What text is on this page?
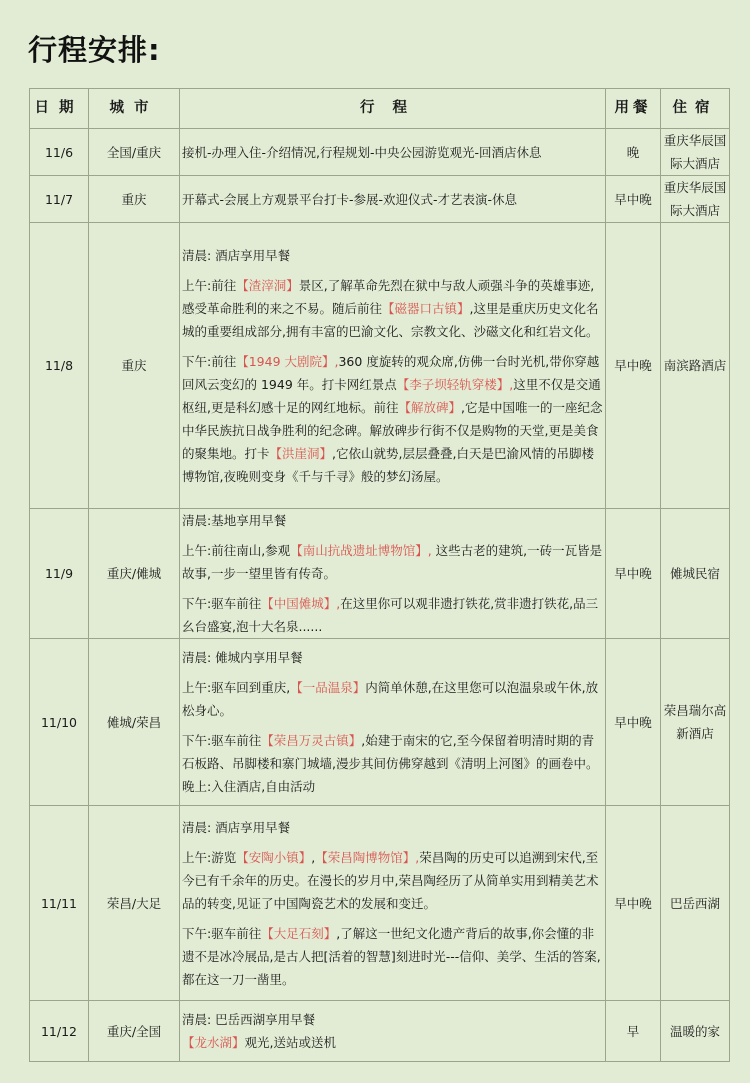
行程安排:
日期	城市	行程	用餐	住宿
11/6	全国/重庆	接机-办理入住-介绍情况,行程规划-中央公园游览观光-回酒店休息	晚	重庆华辰国际大酒店
11/7	重庆	开幕式-会展上方观景平台打卡-参展-欢迎仪式-才艺表演-休息	早中晚	重庆华辰国际大酒店
11/8	重庆	清晨: 酒店享用早餐

上午:前往【渣滓洞】景区,了解革命先烈在狱中与敌人顽强斗争的英雄事迹,感受革命胜利的来之不易。随后前往【磁器口古镇】,这里是重庆历史文化名城的重要组成部分,拥有丰富的巴渝文化、宗教文化、沙磁文化和红岩文化。

下午:前往【1949 大剧院】,360 度旋转的观众席,仿佛一台时光机,带你穿越回风云变幻的 1949 年。打卡网红景点【李子坝轻轨穿楼】,这里不仅是交通枢纽,更是科幻感十足的网红地标。前往【解放碑】,它是中国唯一的一座纪念中华民族抗日战争胜利的纪念碑。解放碑步行街不仅是购物的天堂,更是美食的聚集地。打卡【洪崖洞】,它依山就势,层层叠叠,白天是巴渝风情的吊脚楼博物馆,夜晚则变身《千与千寻》般的梦幻汤屋。	早中晚	南滨路酒店
11/9	重庆/傩城	清晨:基地享用早餐

上午:前往南山,参观【南山抗战遗址博物馆】, 这些古老的建筑,一砖一瓦皆是故事,一步一望里皆有传奇。

下午:驱车前往【中国傩城】,在这里你可以观非遗打铁花,赏非遗打铁花,品三幺台盛宴,泡十大名泉......	早中晚	傩城民宿
11/10	傩城/荣昌	清晨: 傩城内享用早餐

上午:驱车回到重庆,【一品温泉】内简单休憩,在这里您可以泡温泉或午休,放松身心。

下午:驱车前往【荣昌万灵古镇】,始建于南宋的它,至今保留着明清时期的青石板路、吊脚楼和寨门城墙,漫步其间仿佛穿越到《清明上河图》的画卷中。晚上:入住酒店,自由活动	早中晚	荣昌瑞尔高新酒店
11/11	荣昌/大足	清晨: 酒店享用早餐

上午:游览【安陶小镇】,【荣昌陶博物馆】,荣昌陶的历史可以追溯到宋代,至今已有千余年的历史。在漫长的岁月中,荣昌陶经历了从简单实用到精美艺术品的转变,见证了中国陶瓷艺术的发展和变迁。

下午:驱车前往【大足石刻】,了解这一世纪文化遗产背后的故事,你会懂的非遗不是冰冷展品,是古人把[活着的智慧]刻进时光---信仰、美学、生活的答案,都在这一刀一凿里。	早中晚	巴岳西湖
11/12	重庆/全国	清晨: 巴岳西湖享用早餐

【龙水湖】观光,送站或送机	早	温暖的家
